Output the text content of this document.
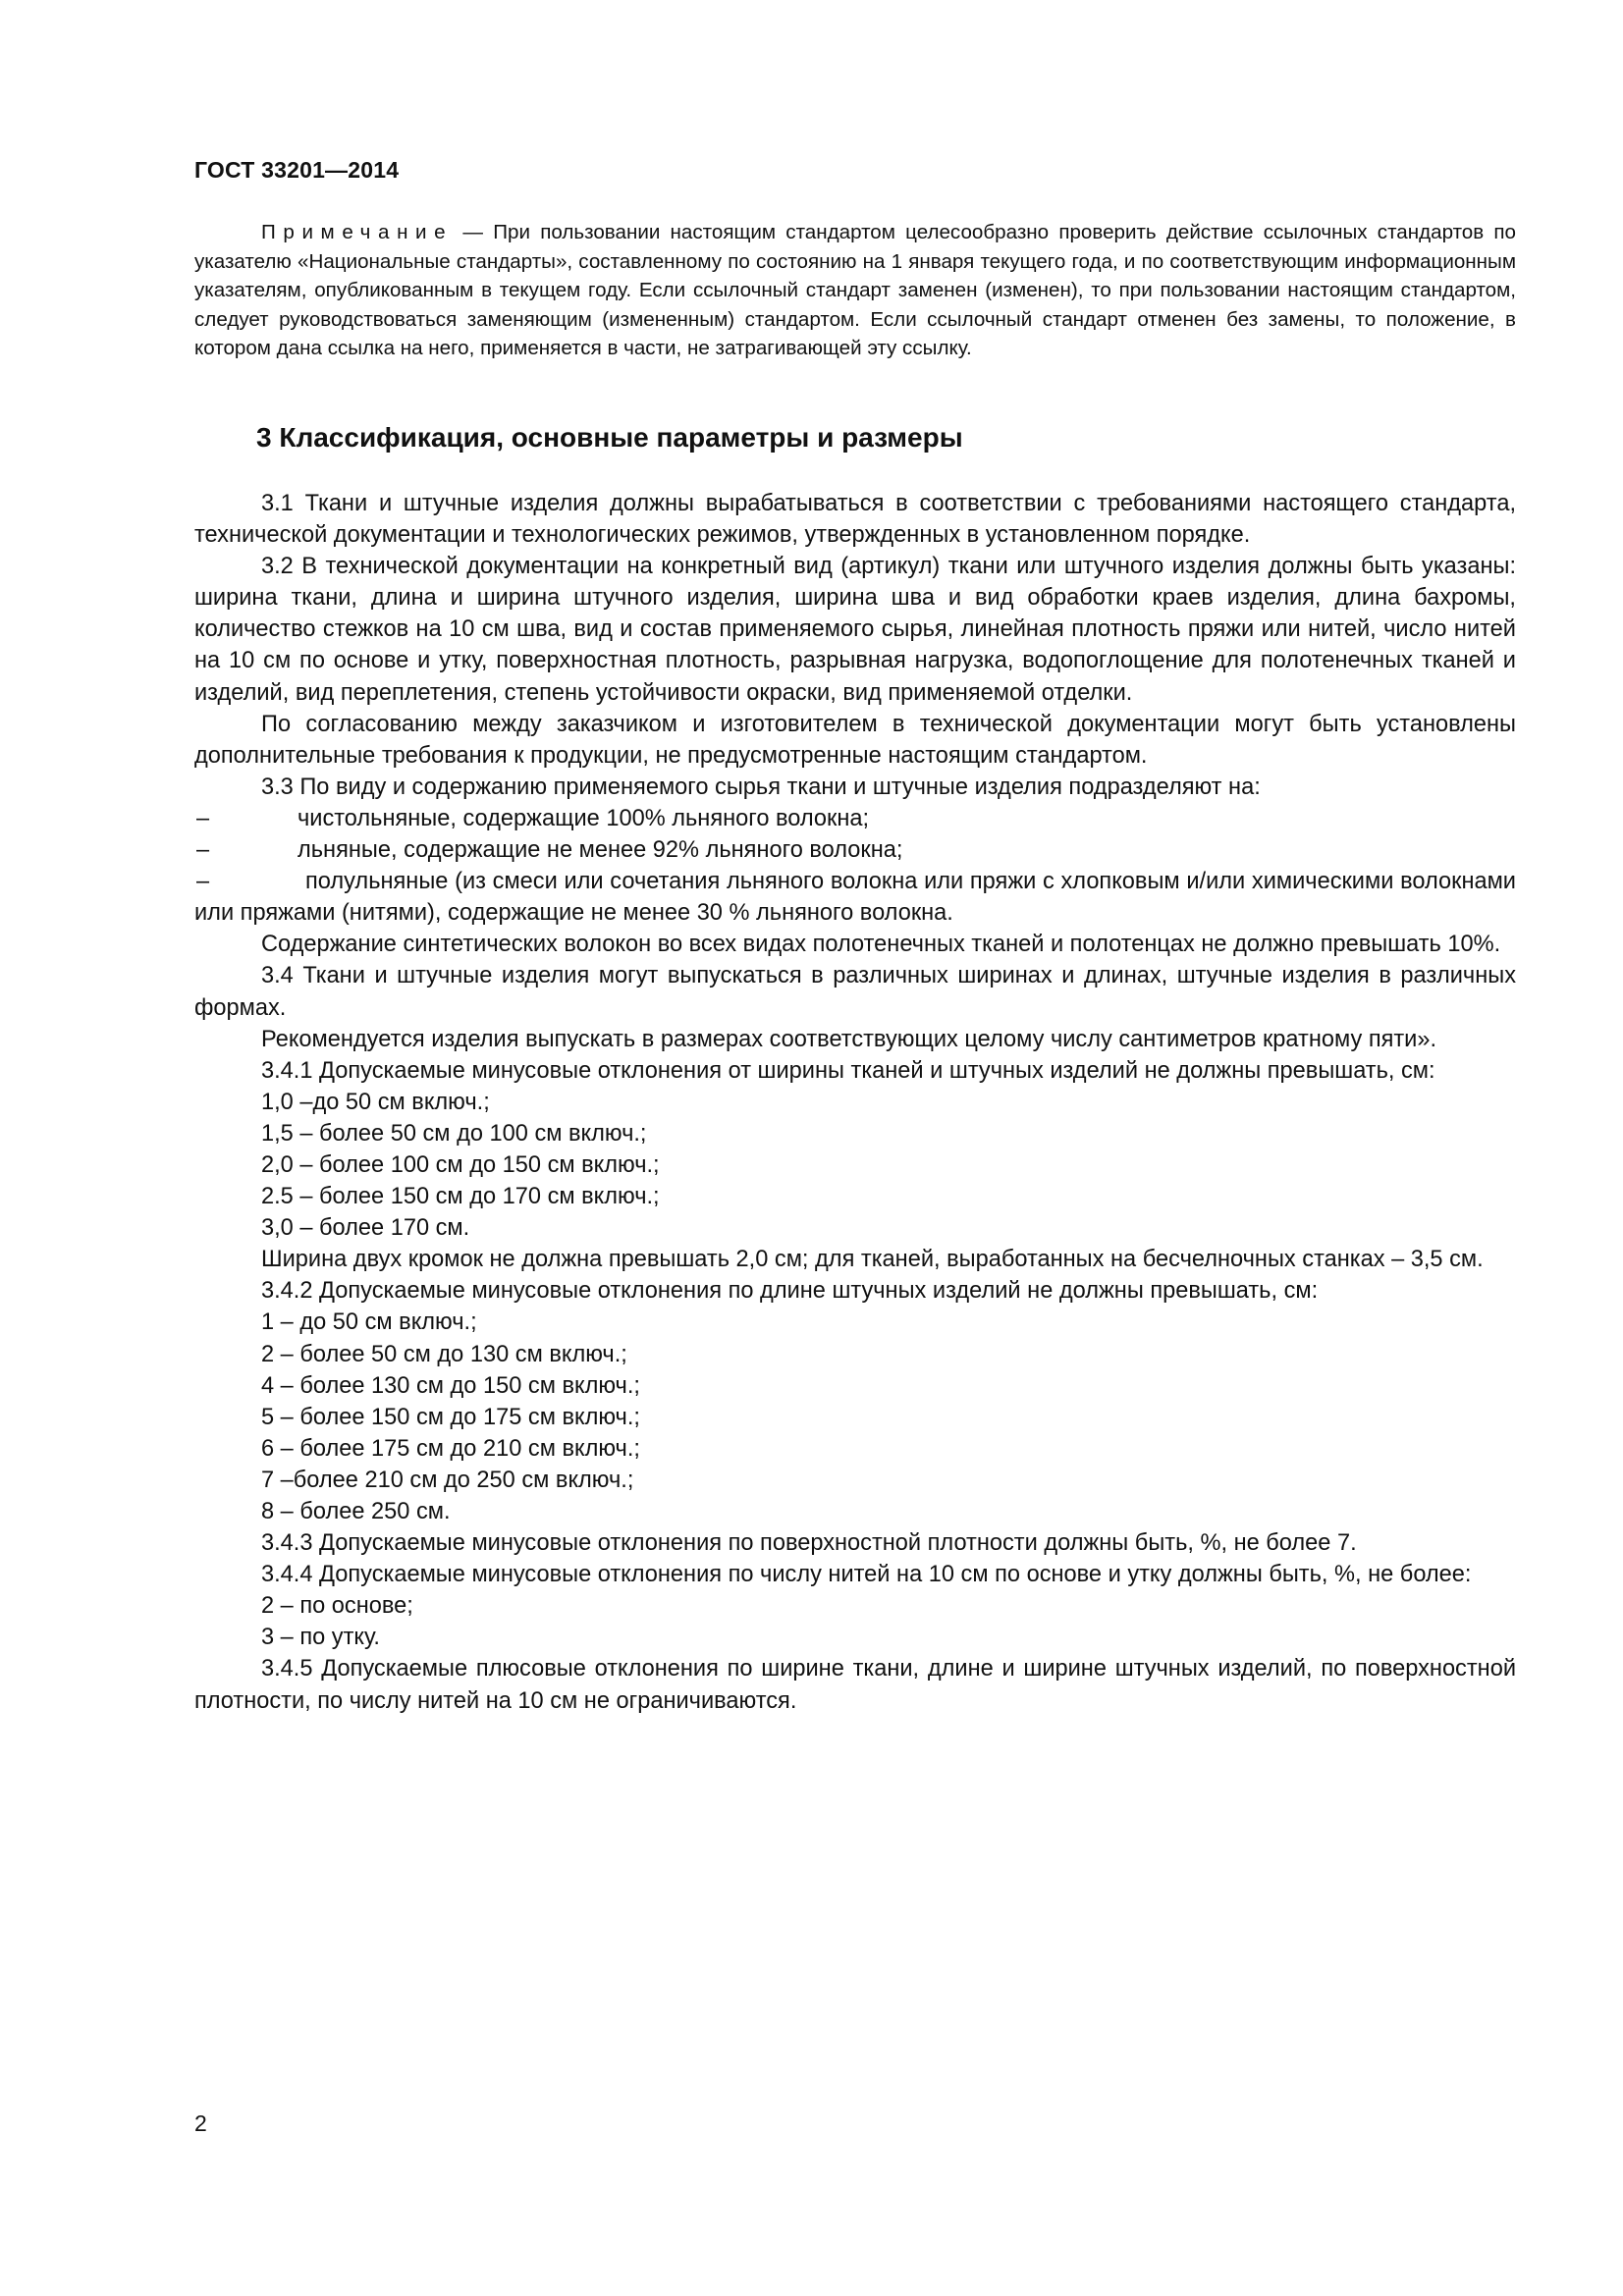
ГОСТ 33201—2014

Примечание — При пользовании настоящим стандартом целесообразно проверить действие ссылочных стандартов по указателю «Национальные стандарты», составленному по состоянию на 1 января текущего года, и по соответствующим информационным указателям, опубликованным в текущем году. Если ссылочный стандарт заменен (изменен), то при пользовании настоящим стандартом, следует руководствоваться заменяющим (измененным) стандартом. Если ссылочный стандарт отменен без замены, то положение, в котором дана ссылка на него, применяется в части, не затрагивающей эту ссылку.

3 Классификация, основные параметры и размеры

3.1 Ткани и штучные изделия должны вырабатываться в соответствии с требованиями настоящего стандарта, технической документации и технологических режимов, утвержденных в установленном порядке.

3.2 В технической документации на конкретный вид (артикул) ткани или штучного изделия должны быть указаны: ширина ткани, длина и ширина штучного изделия, ширина шва и вид обработки краев изделия, длина бахромы, количество стежков на 10 см шва, вид и состав применяемого сырья, линейная плотность пряжи или нитей, число нитей на 10 см по основе и утку, поверхностная плотность, разрывная нагрузка, водопоглощение для полотенечных тканей и изделий, вид переплетения, степень устойчивости окраски, вид применяемой отделки.

По согласованию между заказчиком и изготовителем в технической документации могут быть установлены дополнительные требования к продукции, не предусмотренные настоящим стандартом.

3.3 По виду и содержанию применяемого сырья ткани и штучные изделия подразделяют на:

–	чистольняные, содержащие 100% льняного волокна;
–	льняные, содержащие не менее 92% льняного волокна;

–	полульняные (из смеси или сочетания льняного волокна или пряжи с хлопковым и/или химическими волокнами или пряжами (нитями), содержащие не менее 30 % льняного волокна.

Содержание синтетических волокон во всех видах полотенечных тканей и полотенцах не должно превышать 10%.

3.4 Ткани и штучные изделия могут выпускаться в различных ширинах и длинах, штучные изделия в различных формах.

Рекомендуется изделия выпускать в размерах соответствующих целому числу сантиметров кратному пяти».

3.4.1 Допускаемые минусовые отклонения от ширины тканей и штучных изделий не должны превышать, см:

1,0 –до 50 см включ.;

1,5 – более 50 см до 100 см включ.;

2,0 – более 100 см до 150 см включ.;

2.5 – более 150 см до 170 см включ.;

3,0 – более 170 см.

Ширина двух кромок не должна превышать 2,0 см; для тканей, выработанных на бесчелночных станках – 3,5 см.

3.4.2 Допускаемые минусовые отклонения по длине штучных изделий не должны превышать, см:

1 – до 50 см включ.;

2 – более 50 см до 130 см включ.;

4 – более 130 см до 150 см включ.;

5 – более 150 см до 175 см включ.;

6 – более 175 см до 210 см включ.;

7 –более 210 см до 250 см включ.;

8 – более 250 см.

3.4.3 Допускаемые минусовые отклонения по поверхностной плотности должны быть, %, не более 7.

3.4.4 Допускаемые минусовые отклонения по числу нитей на 10 см по основе и утку должны быть, %, не более:

2 – по основе;

3 – по утку.

3.4.5 Допускаемые плюсовые отклонения по ширине ткани, длине и ширине штучных изделий, по поверхностной плотности, по числу нитей на 10 см не ограничиваются.

2
